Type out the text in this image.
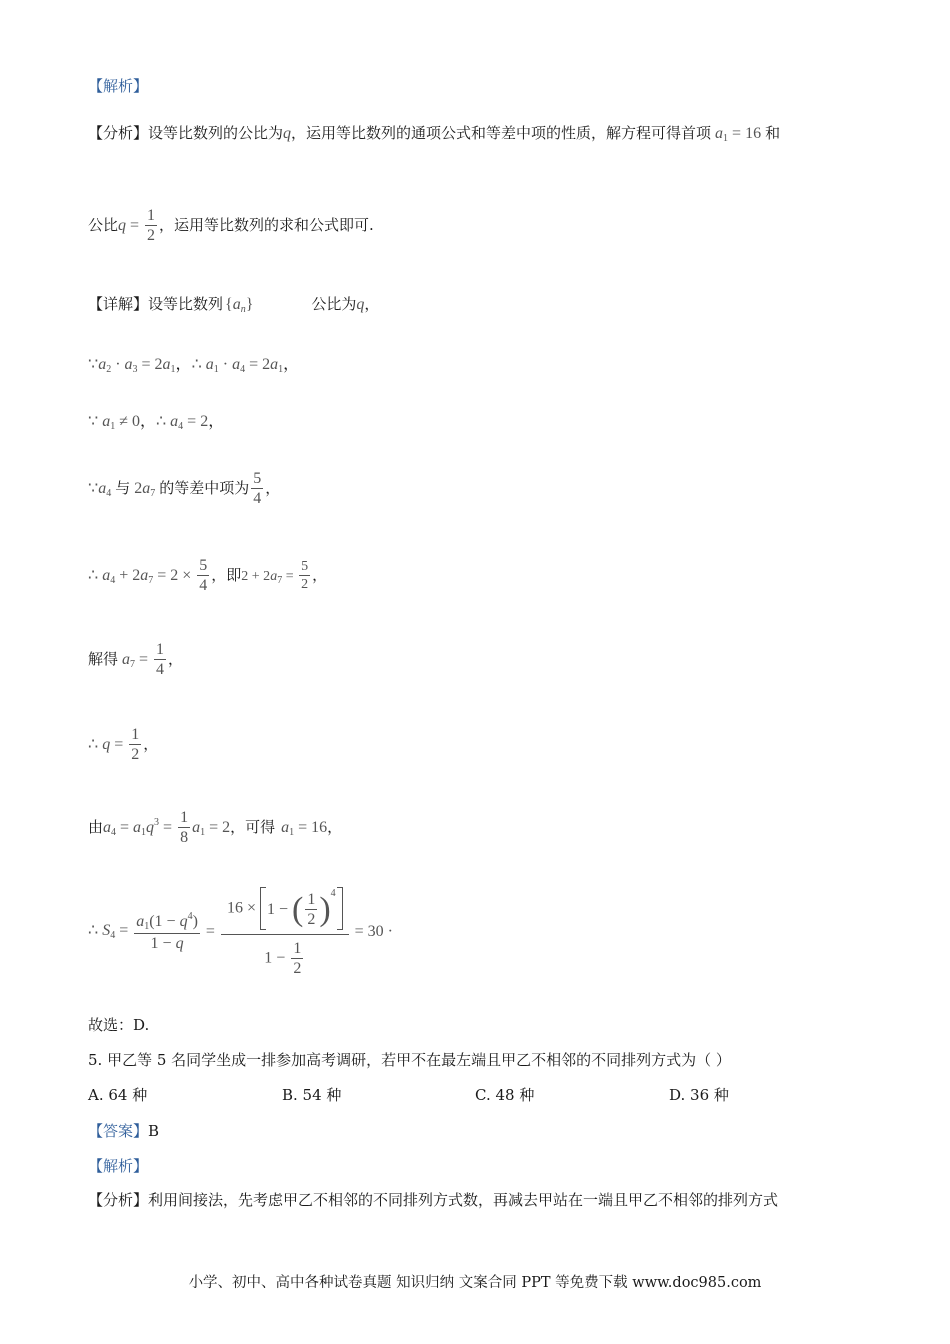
【解析】
【分析】设等比数列的公比为q，运用等比数列的通项公式和等差中项的性质，解方程可得首项 $a_1 = 16$ 和
公比$q = \frac{1}{2}$ ，运用等比数列的求和公式即可.
【详解】设等比数列 $\{a_n\}$	公比为q，
$\because a_2 \cdot a_3 = 2a_1$，∴ $a_1 \cdot a_4 = 2a_1$，
∵ $a_1 \ne 0$，∴ $a_4 = 2$，
$\because a_4$ 与 $2a_7$ 的等差中项为 $\frac{5}{4}$ ，
∴ $a_4 + 2a_7 = 2 \times \frac{5}{4}$ ，即$2 + 2a_7 = \frac{5}{2}$ ，
解得 $a_7 = \frac{1}{4}$ ，
∴ $q = \frac{1}{2}$ ，
由$a_4 = a_1q^3 = \frac{1}{8} a_1 = 2$，可得 $a_1 = 16$，
∴ $S_4 = \frac{a_1(1 - q^4)}{1 - q} = \frac{16 \times 1 - ( \frac{1}{2} )^4}{1 - \frac{1}{2}} = 30$ ·
故选：D.
5. 甲乙等 5 名同学坐成一排参加高考调研，若甲不在最左端且甲乙不相邻的不同排列方式为（ ）
A. 64 种	B. 54 种	C. 48 种	D. 36 种
【答案】B
【解析】
【分析】利用间接法，先考虑甲乙不相邻的不同排列方式数，再减去甲站在一端且甲乙不相邻的排列方式
小学、初中、高中各种试卷真题 知识归纳 文案合同 PPT 等免费下载 www.doc985.com
